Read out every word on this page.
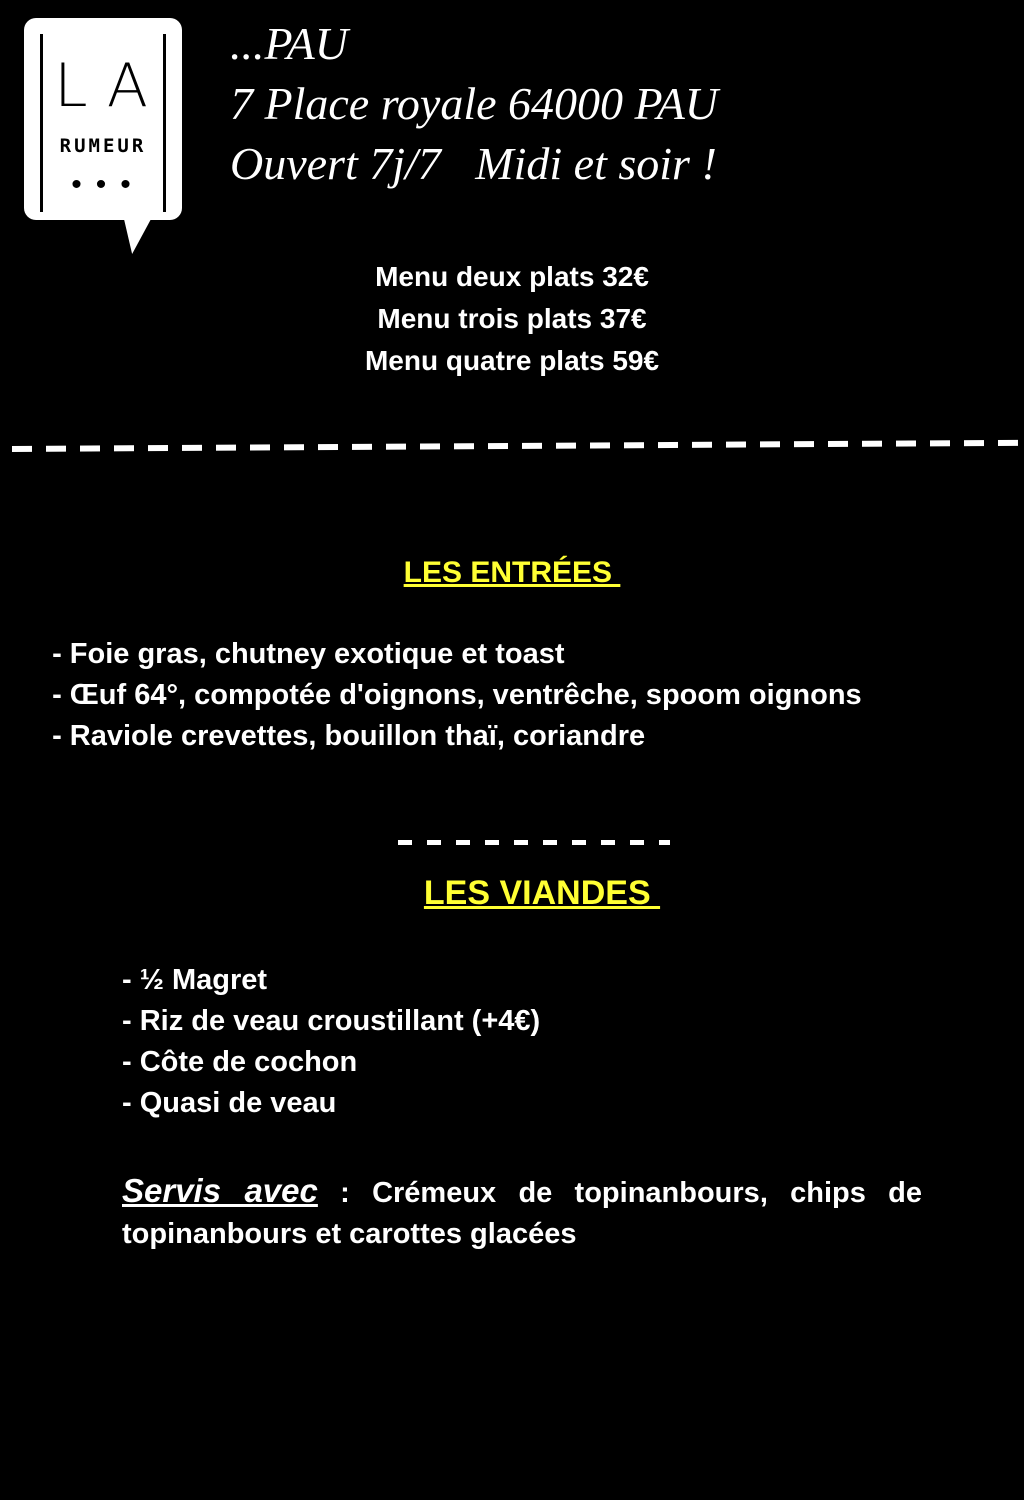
LA
RUMEUR
•••
...PAU
7 Place royale 64000 PAU
Ouvert 7j/7   Midi et soir !
Menu deux plats 32€
Menu trois plats 37€
Menu quatre plats 59€
LES ENTRÉES
- Foie gras, chutney exotique et toast
- Œuf 64°, compotée d'oignons, ventrêche, spoom oignons
- Raviole crevettes, bouillon thaï, coriandre
LES VIANDES
- ½ Magret
- Riz de veau croustillant (+4€)
- Côte de cochon
- Quasi de veau
Servis avec : Crémeux de topinanbours, chips de topinanbours et carottes glacées
